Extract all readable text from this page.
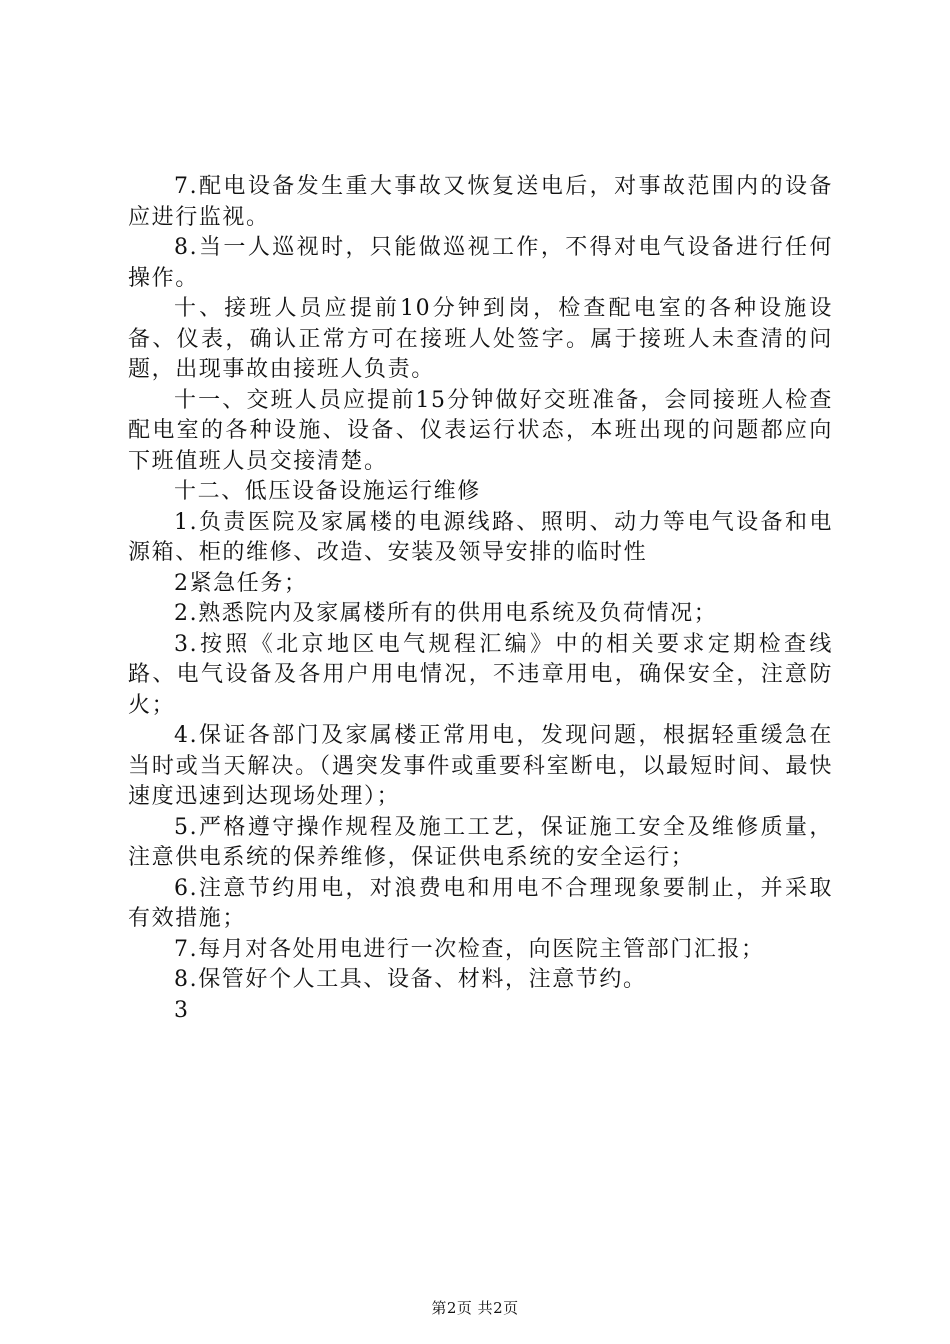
7.配电设备发生重大事故又恢复送电后，对事故范围内的设备应进行监视。

8.当一人巡视时，只能做巡视工作，不得对电气设备进行任何操作。

十、接班人员应提前10分钟到岗，检查配电室的各种设施设备、仪表，确认正常方可在接班人处签字。属于接班人未查清的问题，出现事故由接班人负责。

十一、交班人员应提前15分钟做好交班准备，会同接班人检查配电室的各种设施、设备、仪表运行状态，本班出现的问题都应向下班值班人员交接清楚。

十二、低压设备设施运行维修

1.负责医院及家属楼的电源线路、照明、动力等电气设备和电源箱、柜的维修、改造、安装及领导安排的临时性

2紧急任务；

2.熟悉院内及家属楼所有的供用电系统及负荷情况；

3.按照《北京地区电气规程汇编》中的相关要求定期检查线路、电气设备及各用户用电情况，不违章用电，确保安全，注意防火；

4.保证各部门及家属楼正常用电，发现问题，根据轻重缓急在当时或当天解决。（遇突发事件或重要科室断电，以最短时间、最快速度迅速到达现场处理）；

5.严格遵守操作规程及施工工艺，保证施工安全及维修质量，注意供电系统的保养维修，保证供电系统的安全运行；

6.注意节约用电，对浪费电和用电不合理现象要制止，并采取有效措施；

7.每月对各处用电进行一次检查，向医院主管部门汇报；

8.保管好个人工具、设备、材料，注意节约。

3

第2页 共2页
